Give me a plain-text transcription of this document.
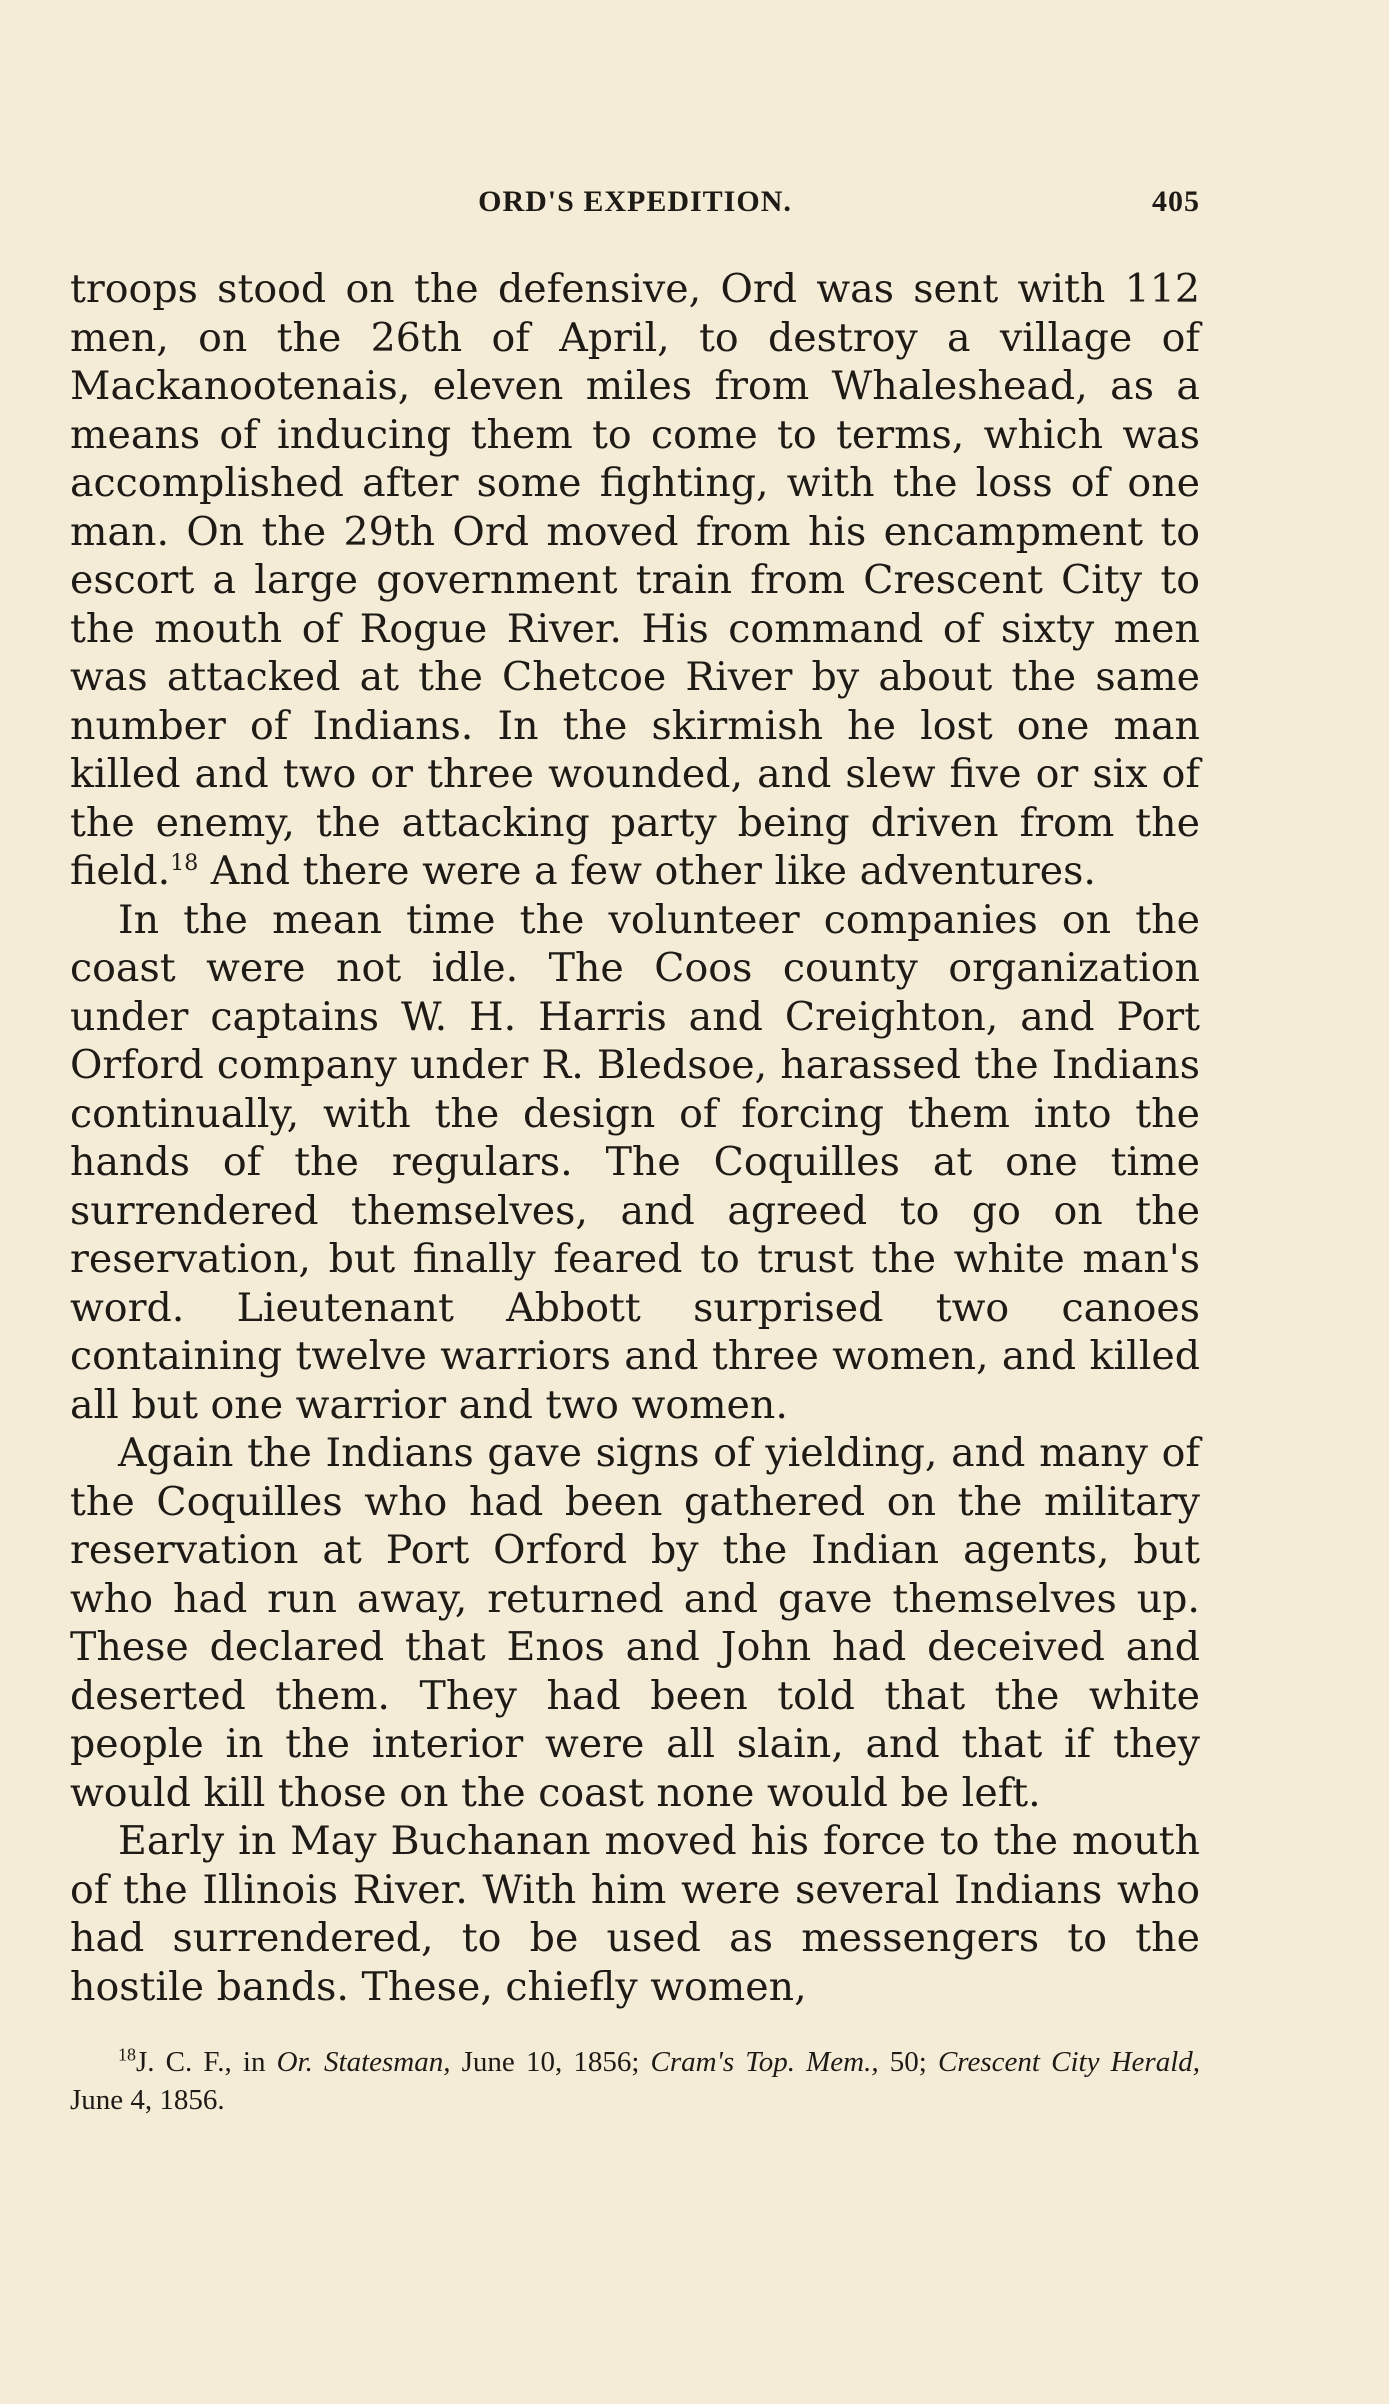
ORD'S EXPEDITION.	405

troops stood on the defensive, Ord was sent with 112 men, on the 26th of April, to destroy a village of Mackanootenais, eleven miles from Whaleshead, as a means of inducing them to come to terms, which was accomplished after some fighting, with the loss of one man. On the 29th Ord moved from his encampment to escort a large government train from Crescent City to the mouth of Rogue River. His command of sixty men was attacked at the Chetcoe River by about the same number of Indians. In the skirmish he lost one man killed and two or three wounded, and slew five or six of the enemy, the attacking party being driven from the field.$^{18}$ And there were a few other like adventures.

In the mean time the volunteer companies on the coast were not idle. The Coos county organization under captains W. H. Harris and Creighton, and Port Orford company under R. Bledsoe, harassed the Indians continually, with the design of forcing them into the hands of the regulars. The Coquilles at one time surrendered themselves, and agreed to go on the reservation, but finally feared to trust the white man's word. Lieutenant Abbott surprised two canoes containing twelve warriors and three women, and killed all but one warrior and two women.

Again the Indians gave signs of yielding, and many of the Coquilles who had been gathered on the military reservation at Port Orford by the Indian agents, but who had run away, returned and gave themselves up. These declared that Enos and John had deceived and deserted them. They had been told that the white people in the interior were all slain, and that if they would kill those on the coast none would be left.

Early in May Buchanan moved his force to the mouth of the Illinois River. With him were several Indians who had surrendered, to be used as messengers to the hostile bands. These, chiefly women,

$^{18}$J. C. F., in Or. Statesman, June 10, 1856; Cram's Top. Mem., 50; Crescent City Herald, June 4, 1856.
